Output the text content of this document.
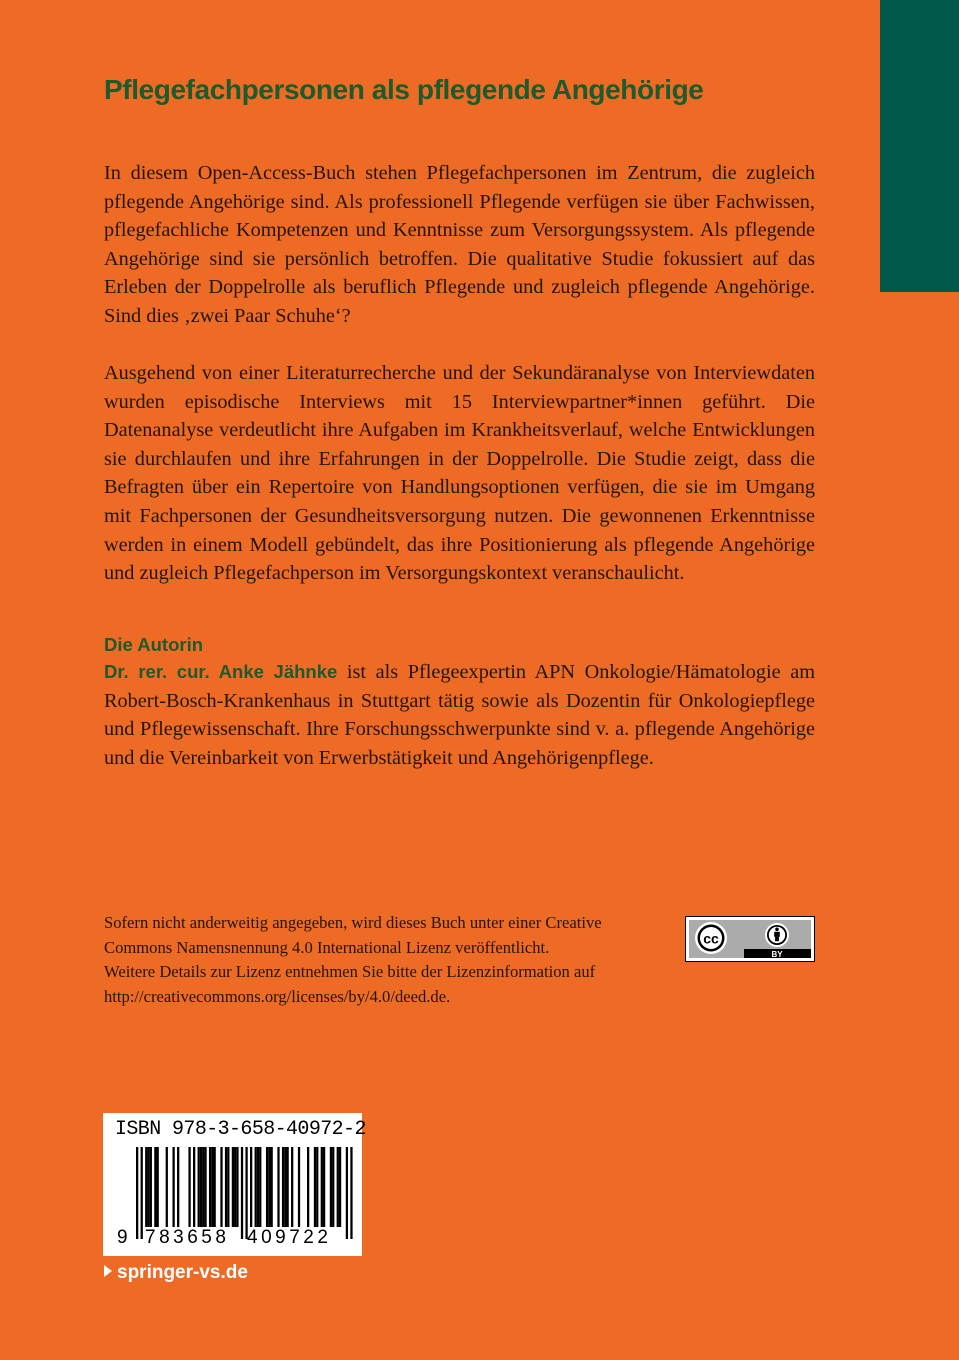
Pflegefachpersonen als pflegende Angehörige

In diesem Open-Access-Buch stehen Pflegefachpersonen im Zentrum, die zugleich pflegende Angehörige sind. Als professionell Pflegende verfügen sie über Fachwissen, pflegefachliche Kompetenzen und Kenntnisse zum Versorgungssystem. Als pflegende Angehörige sind sie persönlich betroffen. Die qualitative Studie fokussiert auf das Erleben der Doppelrolle als beruflich Pflegende und zugleich pflegende Angehörige. Sind dies ‚zwei Paar Schuhe‘?

Ausgehend von einer Literaturrecherche und der Sekundäranalyse von Interviewdaten wurden episodische Interviews mit 15 Interviewpartner*innen geführt. Die Datenanalyse verdeutlicht ihre Aufgaben im Krankheitsverlauf, welche Entwicklungen sie durchlaufen und ihre Erfahrungen in der Doppelrolle. Die Studie zeigt, dass die Befragten über ein Repertoire von Handlungsoptionen verfügen, die sie im Umgang mit Fachpersonen der Gesundheitsversorgung nutzen. Die gewonnenen Erkenntnisse werden in einem Modell gebündelt, das ihre Positionierung als pflegende Angehörige und zugleich Pflegefachperson im Versorgungskontext veranschaulicht.

Die Autorin

Dr. rer. cur. Anke Jähnke ist als Pflegeexpertin APN Onkologie/Hämatologie am Robert-Bosch-Krankenhaus in Stuttgart tätig sowie als Dozentin für Onkologiepflege und Pflegewissenschaft. Ihre Forschungsschwerpunkte sind v. a. pflegende Angehörige und die Vereinbarkeit von Erwerbstätigkeit und Angehörigenpflege.

Sofern nicht anderweitig angegeben, wird dieses Buch unter einer Creative
Commons Namensnennung 4.0 International Lizenz veröffentlicht.
Weitere Details zur Lizenz entnehmen Sie bitte der Lizenzinformation auf
http://creativecommons.org/licenses/by/4.0/deed.de.

cc
BY
ISBN 978-3-658-40972-2
9 783658 409722
springer-vs.de
